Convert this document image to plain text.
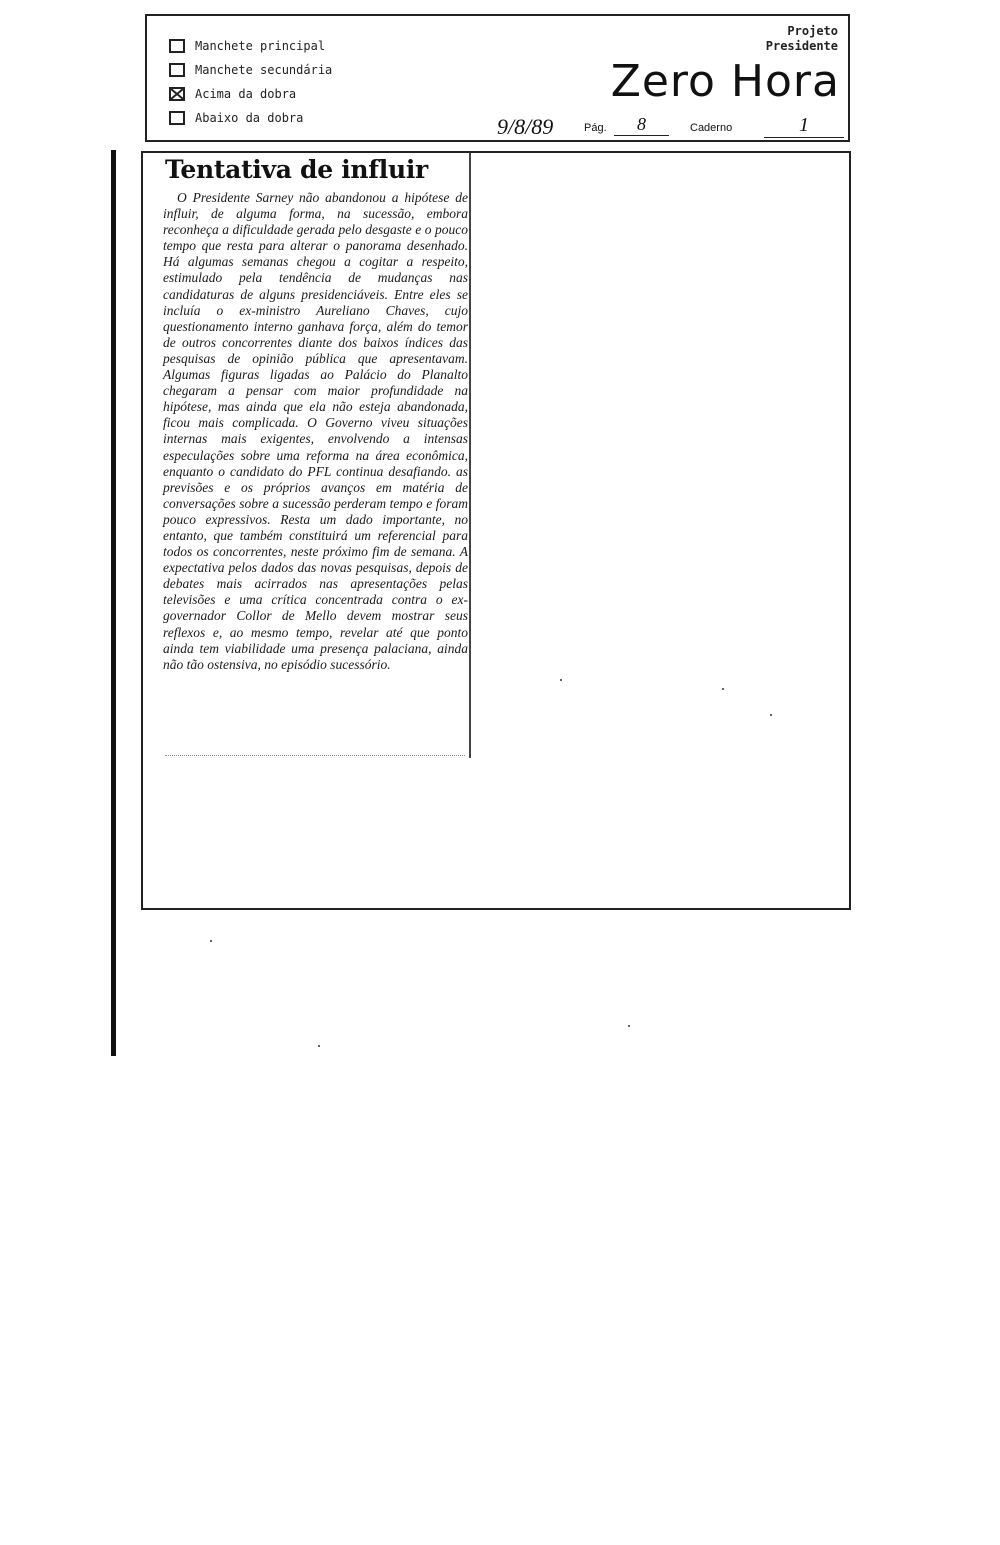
Manchete principal
Manchete secundária
Acima da dobra
Abaixo da dobra
Projeto
Presidente
Zero Hora
9/8/89	Pág.	8	Caderno	1
Tentativa de influir

O Presidente Sarney não abandonou a hipótese de influir, de alguma forma, na sucessão, embora reconheça a dificuldade gerada pelo desgaste e o pouco tempo que resta para alterar o panorama desenhado. Há algumas semanas chegou a cogitar a respeito, estimulado pela tendência de mudanças nas candidaturas de alguns presidenciáveis. Entre eles se incluía o ex-ministro Aureliano Chaves, cujo questionamento interno ganhava força, além do temor de outros concorrentes diante dos baixos índices das pesquisas de opinião pública que apresentavam. Algumas figuras ligadas ao Palácio do Planalto chegaram a pensar com maior profundidade na hipótese, mas ainda que ela não esteja abandonada, ficou mais complicada. O Governo viveu situações internas mais exigentes, envolvendo a intensas especulações sobre uma reforma na área econômica, enquanto o candidato do PFL continua desafiando. as previsões e os próprios avanços em matéria de conversações sobre a sucessão perderam tempo e foram pouco expressivos. Resta um dado importante, no entanto, que também constituirá um referencial para todos os concorrentes, neste próximo fim de semana. A expectativa pelos dados das novas pesquisas, depois de debates mais acirrados nas apresentações pelas televisões e uma crítica concentrada contra o ex-governador Collor de Mello devem mostrar seus reflexos e, ao mesmo tempo, revelar até que ponto ainda tem viabilidade uma presença palaciana, ainda não tão ostensiva, no episódio sucessório.
